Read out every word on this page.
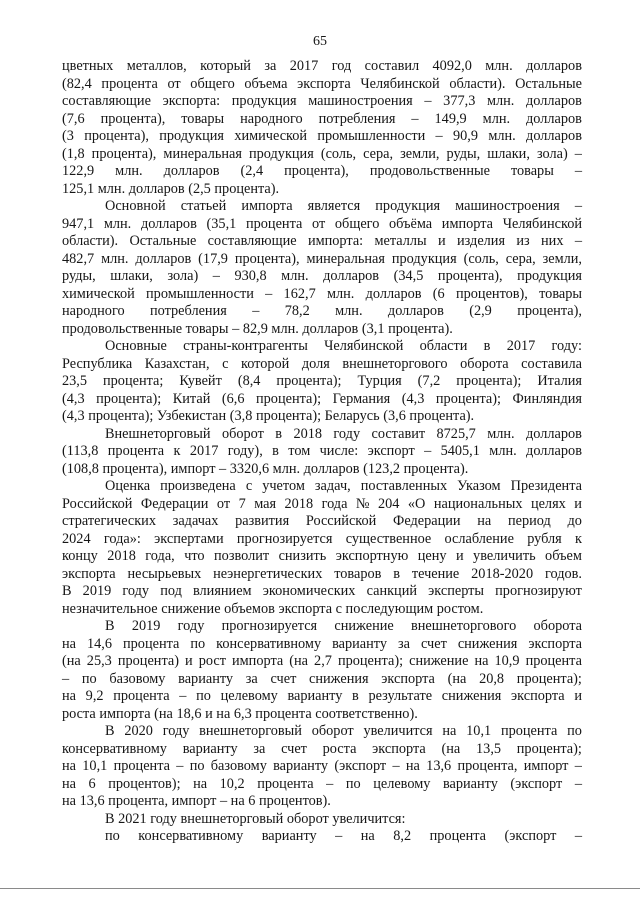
65
цветных металлов, который за 2017 год составил 4092,0 млн. долларов
(82,4 процента от общего объема экспорта Челябинской области). Остальные
составляющие экспорта: продукция машиностроения – 377,3 млн. долларов
(7,6 процента), товары народного потребления – 149,9 млн. долларов
(3 процента), продукция химической промышленности – 90,9 млн. долларов
(1,8 процента), минеральная продукция (соль, сера, земли, руды, шлаки, зола) –
122,9 млн. долларов (2,4 процента), продовольственные товары –
125,1 млн. долларов (2,5 процента).
Основной статьей импорта является продукция машиностроения –
947,1 млн. долларов (35,1 процента от общего объёма импорта Челябинской
области). Остальные составляющие импорта: металлы и изделия из них –
482,7 млн. долларов (17,9 процента), минеральная продукция (соль, сера, земли,
руды, шлаки, зола) – 930,8 млн. долларов (34,5 процента), продукция
химической промышленности – 162,7 млн. долларов (6 процентов), товары
народного потребления – 78,2 млн. долларов (2,9 процента),
продовольственные товары – 82,9 млн. долларов (3,1 процента).
Основные страны-контрагенты Челябинской области в 2017 году:
Республика Казахстан, с которой доля внешнеторгового оборота составила
23,5 процента; Кувейт (8,4 процента); Турция (7,2 процента); Италия
(4,3 процента); Китай (6,6 процента); Германия (4,3 процента); Финляндия
(4,3 процента); Узбекистан (3,8 процента); Беларусь (3,6 процента).
Внешнеторговый оборот в 2018 году составит 8725,7 млн. долларов
(113,8 процента к 2017 году), в том числе: экспорт – 5405,1 млн. долларов
(108,8 процента), импорт – 3320,6 млн. долларов (123,2 процента).
Оценка произведена с учетом задач, поставленных Указом Президента
Российской Федерации от 7 мая 2018 года № 204 «О национальных целях и
стратегических задачах развития Российской Федерации на период до
2024 года»: экспертами прогнозируется существенное ослабление рубля к
концу 2018 года, что позволит снизить экспортную цену и увеличить объем
экспорта несырьевых неэнергетических товаров в течение 2018-2020 годов.
В 2019 году под влиянием экономических санкций эксперты прогнозируют
незначительное снижение объемов экспорта с последующим ростом.
В 2019 году прогнозируется снижение внешнеторгового оборота
на 14,6 процента по консервативному варианту за счет снижения экспорта
(на 25,3 процента) и рост импорта (на 2,7 процента); снижение на 10,9 процента
– по базовому варианту за счет снижения экспорта (на 20,8 процента);
на 9,2 процента – по целевому варианту в результате снижения экспорта и
роста импорта (на 18,6 и на 6,3 процента соответственно).
В 2020 году внешнеторговый оборот увеличится на 10,1 процента по
консервативному варианту за счет роста экспорта (на 13,5 процента);
на 10,1 процента – по базовому варианту (экспорт – на 13,6 процента, импорт –
на 6 процентов); на 10,2 процента – по целевому варианту (экспорт –
на 13,6 процента, импорт – на 6 процентов).
В 2021 году внешнеторговый оборот увеличится:
по консервативному варианту – на 8,2 процента (экспорт –
